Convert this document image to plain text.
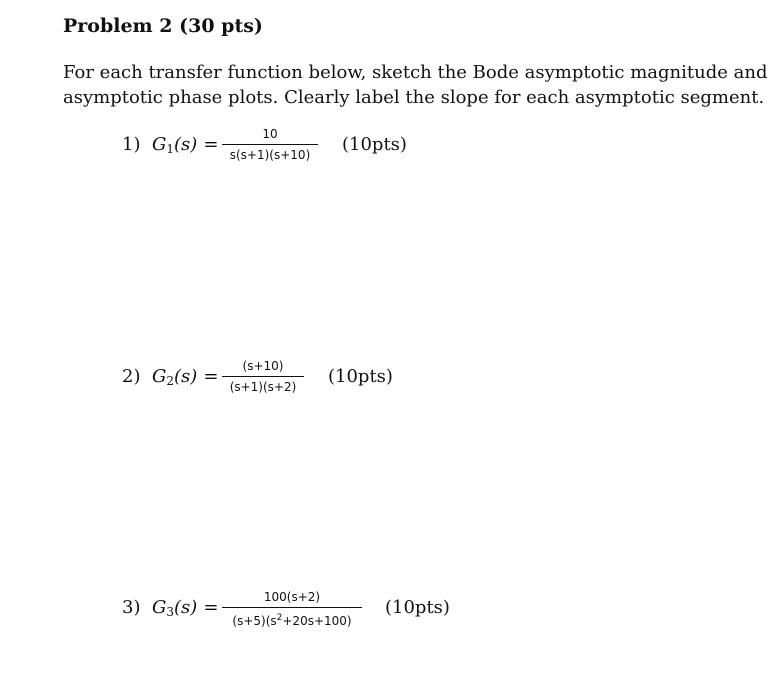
Problem 2 (30 pts)
For each transfer function below, sketch the Bode asymptotic magnitude and
asymptotic phase plots. Clearly label the slope for each asymptotic segment.
1) $G_1(s)$ =	10
s(s+1)(s+10)	(10pts)
2) $G_2(s)$ =	(s+10)
(s+1)(s+2)	(10pts)
3) $G_3(s)$ =	100(s+2)
$(s+5)(s^2+20s+100)$
(10pts)
